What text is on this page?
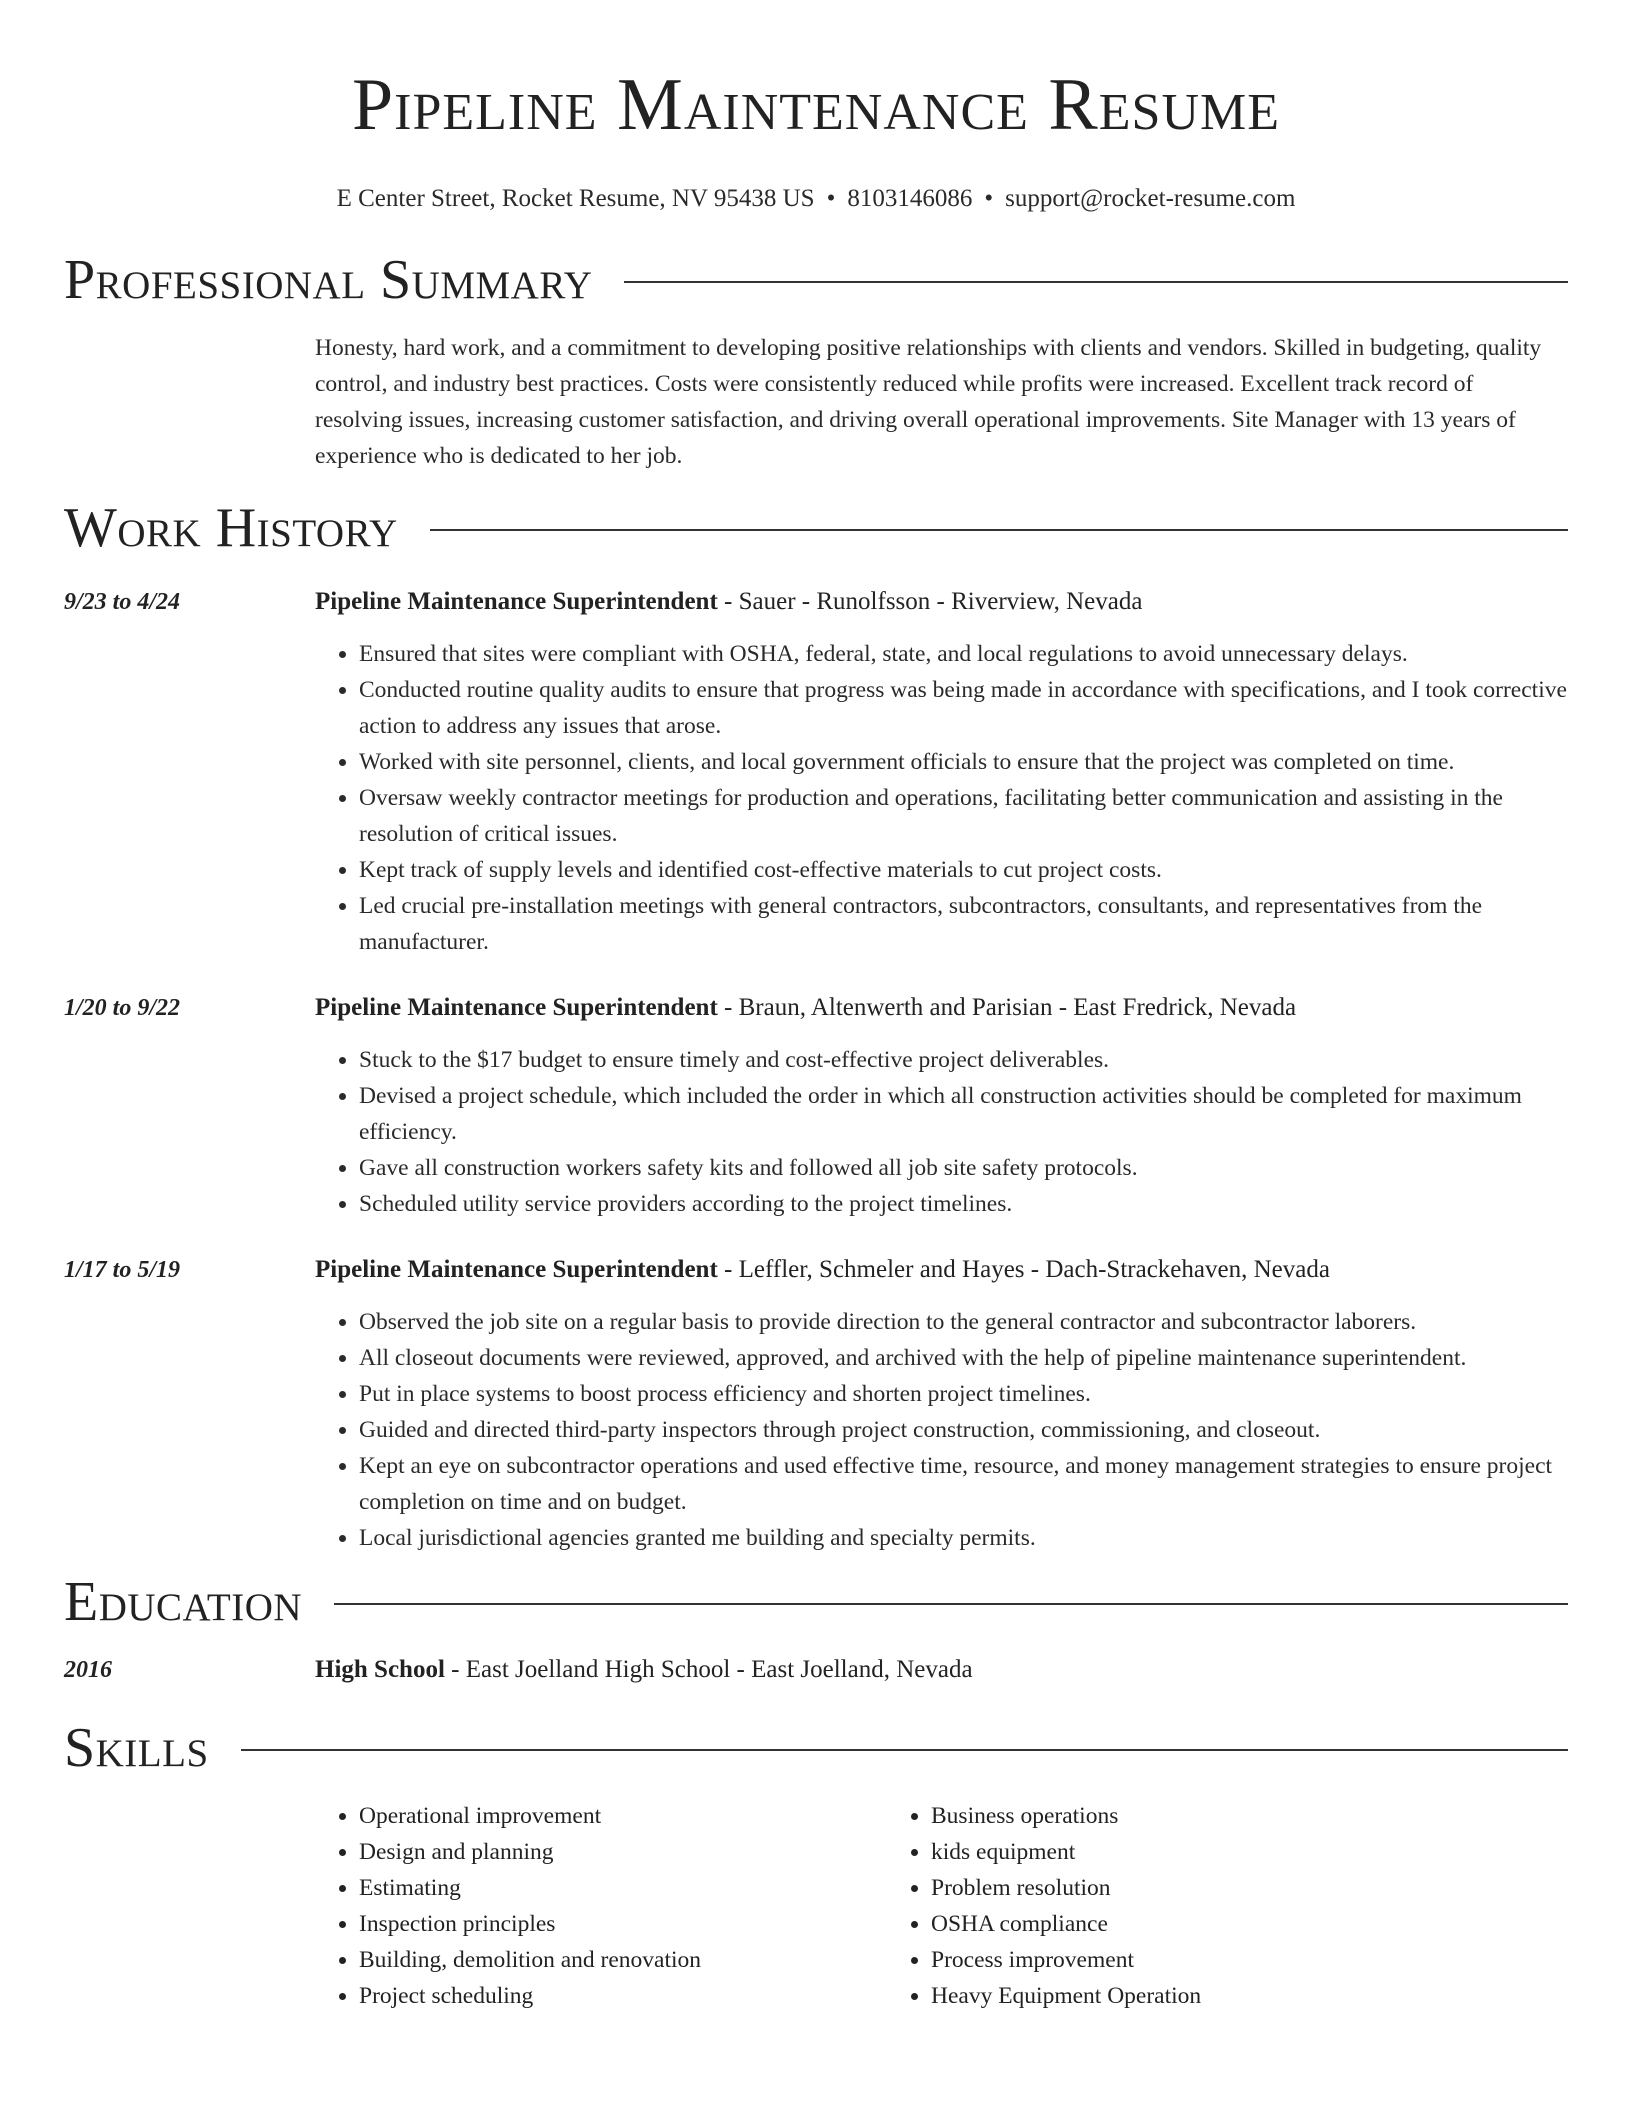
Pipeline Maintenance Resume
E Center Street, Rocket Resume, NV 95438 US • 8103146086 • support@rocket-resume.com
Professional Summary
Honesty, hard work, and a commitment to developing positive relationships with clients and vendors. Skilled in budgeting, quality control, and industry best practices. Costs were consistently reduced while profits were increased. Excellent track record of resolving issues, increasing customer satisfaction, and driving overall operational improvements. Site Manager with 13 years of experience who is dedicated to her job.
Work History
9/23 to 4/24	Pipeline Maintenance Superintendent - Sauer - Runolfsson - Riverview, Nevada
• Ensured that sites were compliant with OSHA, federal, state, and local regulations to avoid unnecessary delays.
• Conducted routine quality audits to ensure that progress was being made in accordance with specifications, and I took corrective action to address any issues that arose.
• Worked with site personnel, clients, and local government officials to ensure that the project was completed on time.
• Oversaw weekly contractor meetings for production and operations, facilitating better communication and assisting in the resolution of critical issues.
• Kept track of supply levels and identified cost-effective materials to cut project costs.
• Led crucial pre-installation meetings with general contractors, subcontractors, consultants, and representatives from the manufacturer.
1/20 to 9/22	Pipeline Maintenance Superintendent - Braun, Altenwerth and Parisian - East Fredrick, Nevada
• Stuck to the $17 budget to ensure timely and cost-effective project deliverables.
• Devised a project schedule, which included the order in which all construction activities should be completed for maximum efficiency.
• Gave all construction workers safety kits and followed all job site safety protocols.
• Scheduled utility service providers according to the project timelines.
1/17 to 5/19	Pipeline Maintenance Superintendent - Leffler, Schmeler and Hayes - Dach-Strackehaven, Nevada
• Observed the job site on a regular basis to provide direction to the general contractor and subcontractor laborers.
• All closeout documents were reviewed, approved, and archived with the help of pipeline maintenance superintendent.
• Put in place systems to boost process efficiency and shorten project timelines.
• Guided and directed third-party inspectors through project construction, commissioning, and closeout.
• Kept an eye on subcontractor operations and used effective time, resource, and money management strategies to ensure project completion on time and on budget.
• Local jurisdictional agencies granted me building and specialty permits.
Education
2016	High School - East Joelland High School - East Joelland, Nevada
Skills
• Operational improvement
• Design and planning
• Estimating
• Inspection principles
• Building, demolition and renovation
• Project scheduling
• Business operations
• kids equipment
• Problem resolution
• OSHA compliance
• Process improvement
• Heavy Equipment Operation
